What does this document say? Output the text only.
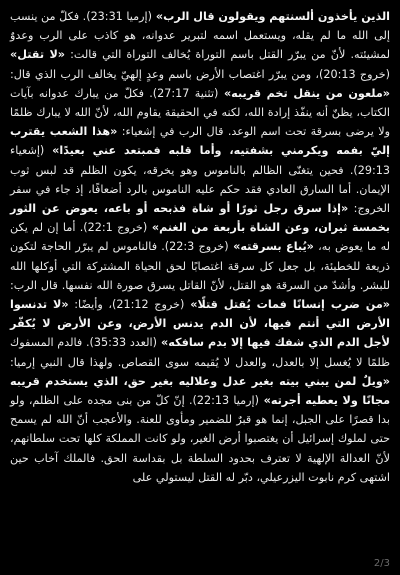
الذين يأخذون ألسنتهم ويقولون قال الرب» (إرميا 23:31). فكلّ من ينسب إلى الله ما لم يقله، ويستعمل اسمه لتبرير عدوانه، هو كاذب على الرب وعدوٌ لمشيئته. لأنّ من يبرّر القتل باسم التوراة يُخالف التوراة التي قالت: «لا تقتل» (خروج 20:13)، ومن يبرّر اغتصاب الأرض باسم وعدٍ إلهيّ يخالف الرب الذي قال: «ملعون من ينقل تخم قريبه» (تثنية 27:17). فكلّ من يبارك عدوانه بآيات الكتاب، يظنّ أنه ينفّذ إرادة الله، لكنه في الحقيقة يقاوم الله، لأنّ الله لا يبارك ظلمًا ولا يرضى بسرقة تحت اسم الوعد. قال الرب في إشعياء: «هذا الشعب يقترب إليّ بفمه ويكرمني بشفتيه، وأما قلبه فمبتعد عني بعيدًا» (إشعياء 29:13). فحين يتغنّى الظالم بالناموس وهو يخرقه، يكون الظلم قد لبس ثوب الإيمان. أما السارق العادي فقد حكم عليه الناموس بالرد أضعافًا، إذ جاء في سفر الخروج: «إذا سرق رجل ثورًا أو شاة فذبحه أو باعه، يعوض عن الثور بخمسة ثيران، وعن الشاة بأربعة من الغنم» (خروج 22:1). أما إن لم يكن له ما يعوض به، «يُباع بسرقته» (خروج 22:3). فالناموس لم يبرّر الحاجة لتكون ذريعة للخطيئة، بل جعل كل سرقة اغتصابًا لحق الحياة المشتركة التي أوكلها الله للبشر. وأشدّ من السرقة هو القتل، لأنّ القاتل يسرق صورة الله نفسها. قال الرب: «من ضرب إنسانًا فمات يُقتل قتلًا» (خروج 21:12)، وأيضًا: «لا تدنسوا الأرض التي أنتم فيها، لأن الدم يدنس الأرض، وعن الأرض لا يُكفّر لأجل الدم الذي شفك فيها إلا بدم سافكه» (العدد 35:33). فالدم المسفوك ظلمًا لا يُغسل إلا بالعدل، والعدل لا يُقيمه سوى القصاص. ولهذا قال النبي إرميا: «ويلٌ لمن يبني بيته بغير عدل وعلاليه بغير حق، الذي يستخدم قريبه مجانًا ولا يعطيه أجرته» (إرميا 22:13). إنّ كلّ من بنى مجده على الظلم، ولو بدا قصرًا على الجبل، إنما هو قبرٌ للضمير ومأوى للعنة. والأعجب أنّ الله لم يسمح حتى لملوك إسرائيل أن يغتصبوا أرض الغير، ولو كانت المملكة كلها تحت سلطانهم، لأنّ العدالة الإلهية لا تعترف بحدود السلطة بل بقداسة الحق. فالملك آخاب حين اشتهى كرم نابوت اليزرعيلي، دبّر له القتل ليستولي على

2/3
